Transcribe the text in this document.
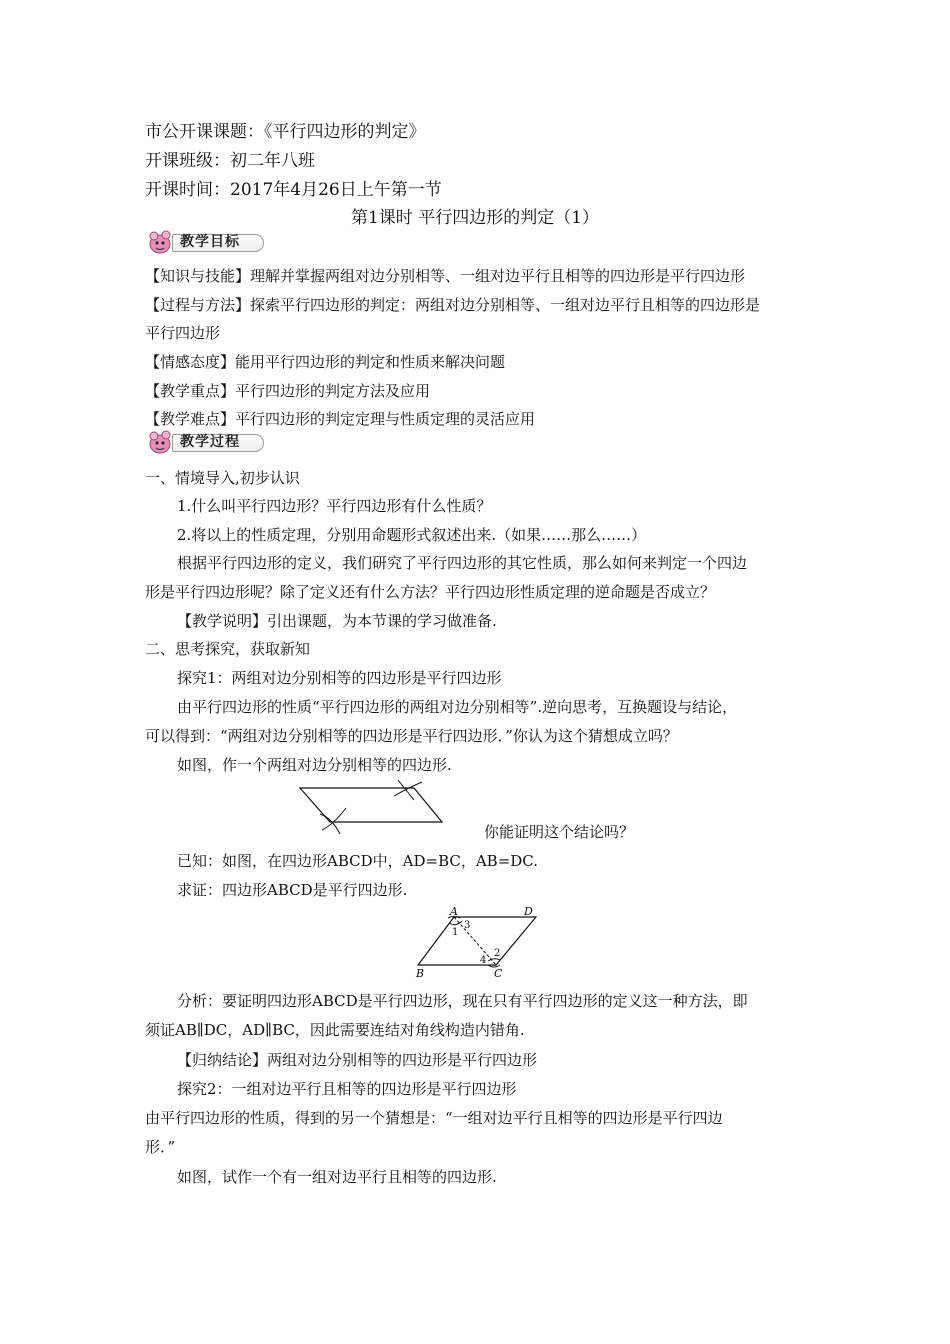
市公开课课题：《平行四边形的判定》
开课班级：初二年八班
开课时间：2017年4月26日上午第一节
第1课时 平行四边形的判定（1）
教学目标
【知识与技能】理解并掌握两组对边分别相等、一组对边平行且相等的四边形是平行四边形
【过程与方法】探索平行四边形的判定：两组对边分别相等、一组对边平行且相等的四边形是
平行四边形
【情感态度】能用平行四边形的判定和性质来解决问题
【教学重点】平行四边形的判定方法及应用
【教学难点】平行四边形的判定定理与性质定理的灵活应用
教学过程
一、情境导入,初步认识
1.什么叫平行四边形？平行四边形有什么性质？
2.将以上的性质定理，分别用命题形式叙述出来.（如果……那么……）
根据平行四边形的定义，我们研究了平行四边形的其它性质，那么如何来判定一个四边
形是平行四边形呢？除了定义还有什么方法？平行四边形性质定理的逆命题是否成立？
【教学说明】引出课题，为本节课的学习做准备.
二、思考探究，获取新知
探究1：两组对边分别相等的四边形是平行四边形
由平行四边形的性质“平行四边形的两组对边分别相等”.逆向思考，互换题设与结论，
可以得到：“两组对边分别相等的四边形是平行四边形．”你认为这个猜想成立吗？
如图，作一个两组对边分别相等的四边形.
你能证明这个结论吗？
已知：如图，在四边形ABCD中，AD=BC，AB=DC.
求证：四边形ABCD是平行四边形.
A	D
B	C
1
3
2
4
分析：要证明四边形ABCD是平行四边形，现在只有平行四边形的定义这一种方法，即
须证AB∥DC，AD∥BC，因此需要连结对角线构造内错角.
【归纳结论】两组对边分别相等的四边形是平行四边形
探究2：一组对边平行且相等的四边形是平行四边形
由平行四边形的性质，得到的另一个猜想是：“一组对边平行且相等的四边形是平行四边
形．”
如图，试作一个有一组对边平行且相等的四边形.
